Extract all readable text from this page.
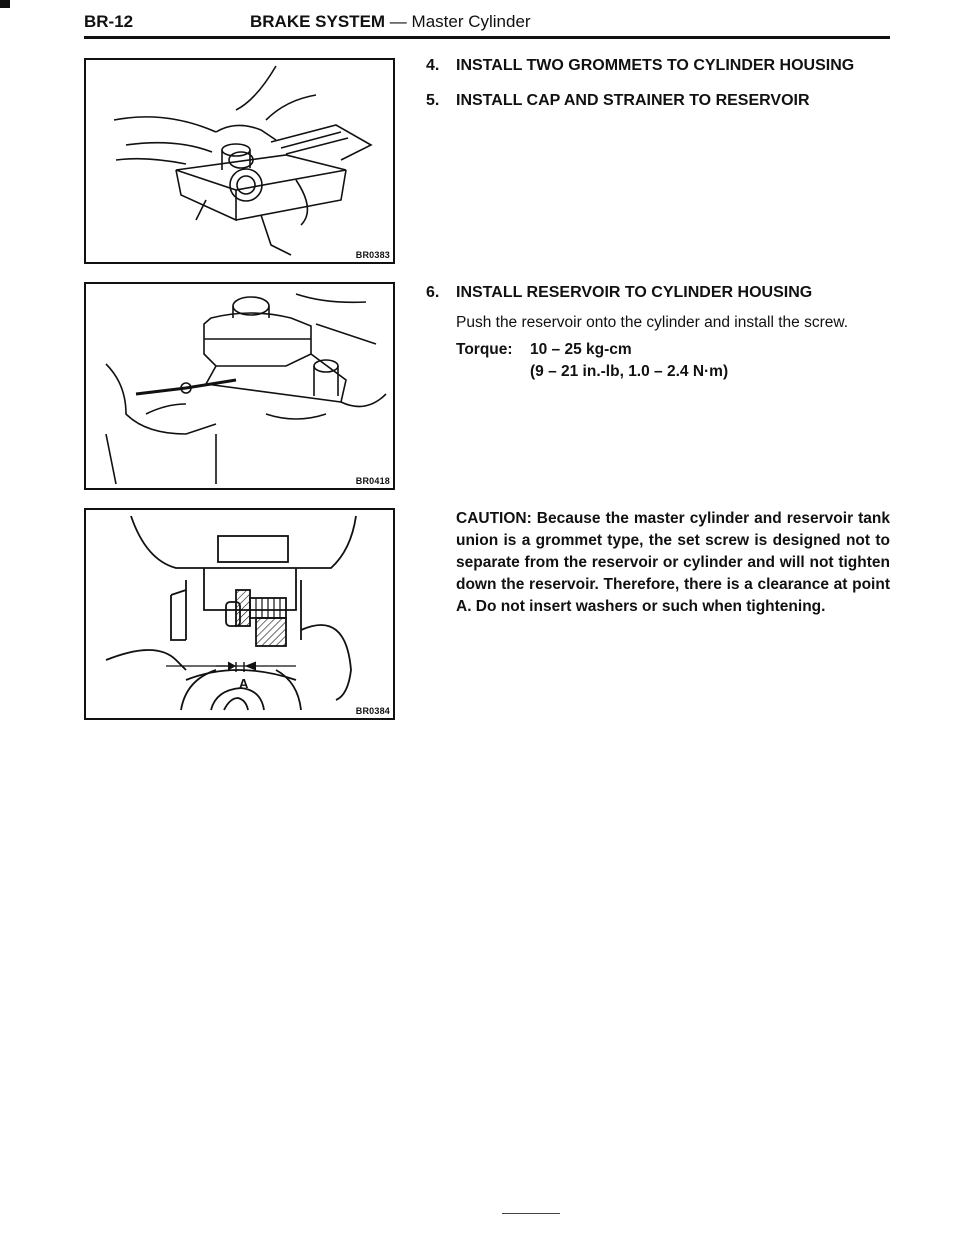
BR-12	BRAKE SYSTEM — Master Cylinder
BR0383
BR0418
A
BR0384
4. INSTALL TWO GROMMETS TO CYLINDER HOUSING
5. INSTALL CAP AND STRAINER TO RESERVOIR
6. INSTALL RESERVOIR TO CYLINDER HOUSING
Push the reservoir onto the cylinder and install the screw.
Torque: 10 – 25 kg-cm
(9 – 21 in.-lb, 1.0 – 2.4 N·m)
CAUTION: Because the master cylinder and reservoir tank union is a grommet type, the set screw is designed not to separate from the reservoir or cylinder and will not tighten down the reservoir. Therefore, there is a clearance at point A. Do not insert washers or such when tightening.
